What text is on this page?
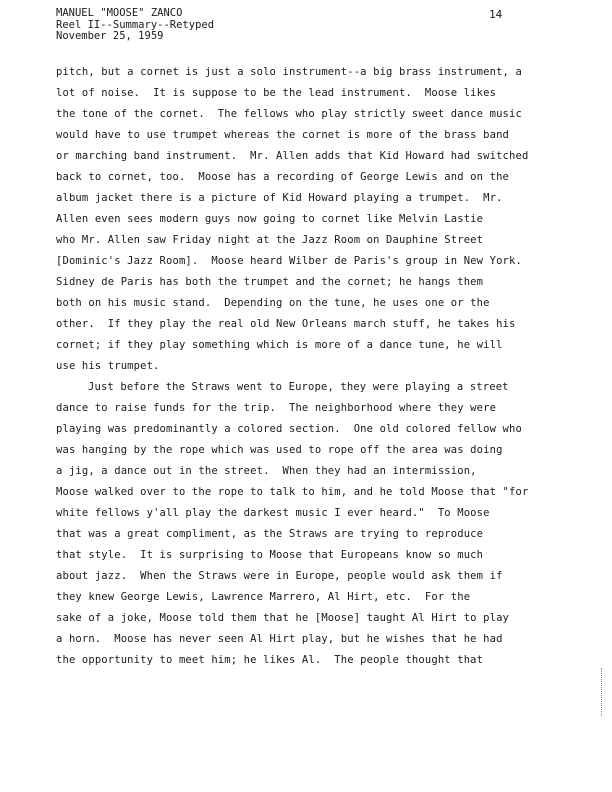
MANUEL "MOOSE" ZANCO
Reel II--Summary--Retyped
November 25, 1959
14
pitch, but a cornet is just a solo instrument--a big brass instrument, a
lot of noise.  It is suppose to be the lead instrument.  Moose likes
the tone of the cornet.  The fellows who play strictly sweet dance music
would have to use trumpet whereas the cornet is more of the brass band
or marching band instrument.  Mr. Allen adds that Kid Howard had switched
back to cornet, too.  Moose has a recording of George Lewis and on the
album jacket there is a picture of Kid Howard playing a trumpet.  Mr.
Allen even sees modern guys now going to cornet like Melvin Lastie
who Mr. Allen saw Friday night at the Jazz Room on Dauphine Street
[Dominic's Jazz Room].  Moose heard Wilber de Paris's group in New York.
Sidney de Paris has both the trumpet and the cornet; he hangs them
both on his music stand.  Depending on the tune, he uses one or the
other.  If they play the real old New Orleans march stuff, he takes his
cornet; if they play something which is more of a dance tune, he will
use his trumpet.
Just before the Straws went to Europe, they were playing a street
dance to raise funds for the trip.  The neighborhood where they were
playing was predominantly a colored section.  One old colored fellow who
was hanging by the rope which was used to rope off the area was doing
a jig, a dance out in the street.  When they had an intermission,
Moose walked over to the rope to talk to him, and he told Moose that "for
white fellows y'all play the darkest music I ever heard."  To Moose
that was a great compliment, as the Straws are trying to reproduce
that style.  It is surprising to Moose that Europeans know so much
about jazz.  When the Straws were in Europe, people would ask them if
they knew George Lewis, Lawrence Marrero, Al Hirt, etc.  For the
sake of a joke, Moose told them that he [Moose] taught Al Hirt to play
a horn.  Moose has never seen Al Hirt play, but he wishes that he had
the opportunity to meet him; he likes Al.  The people thought that
